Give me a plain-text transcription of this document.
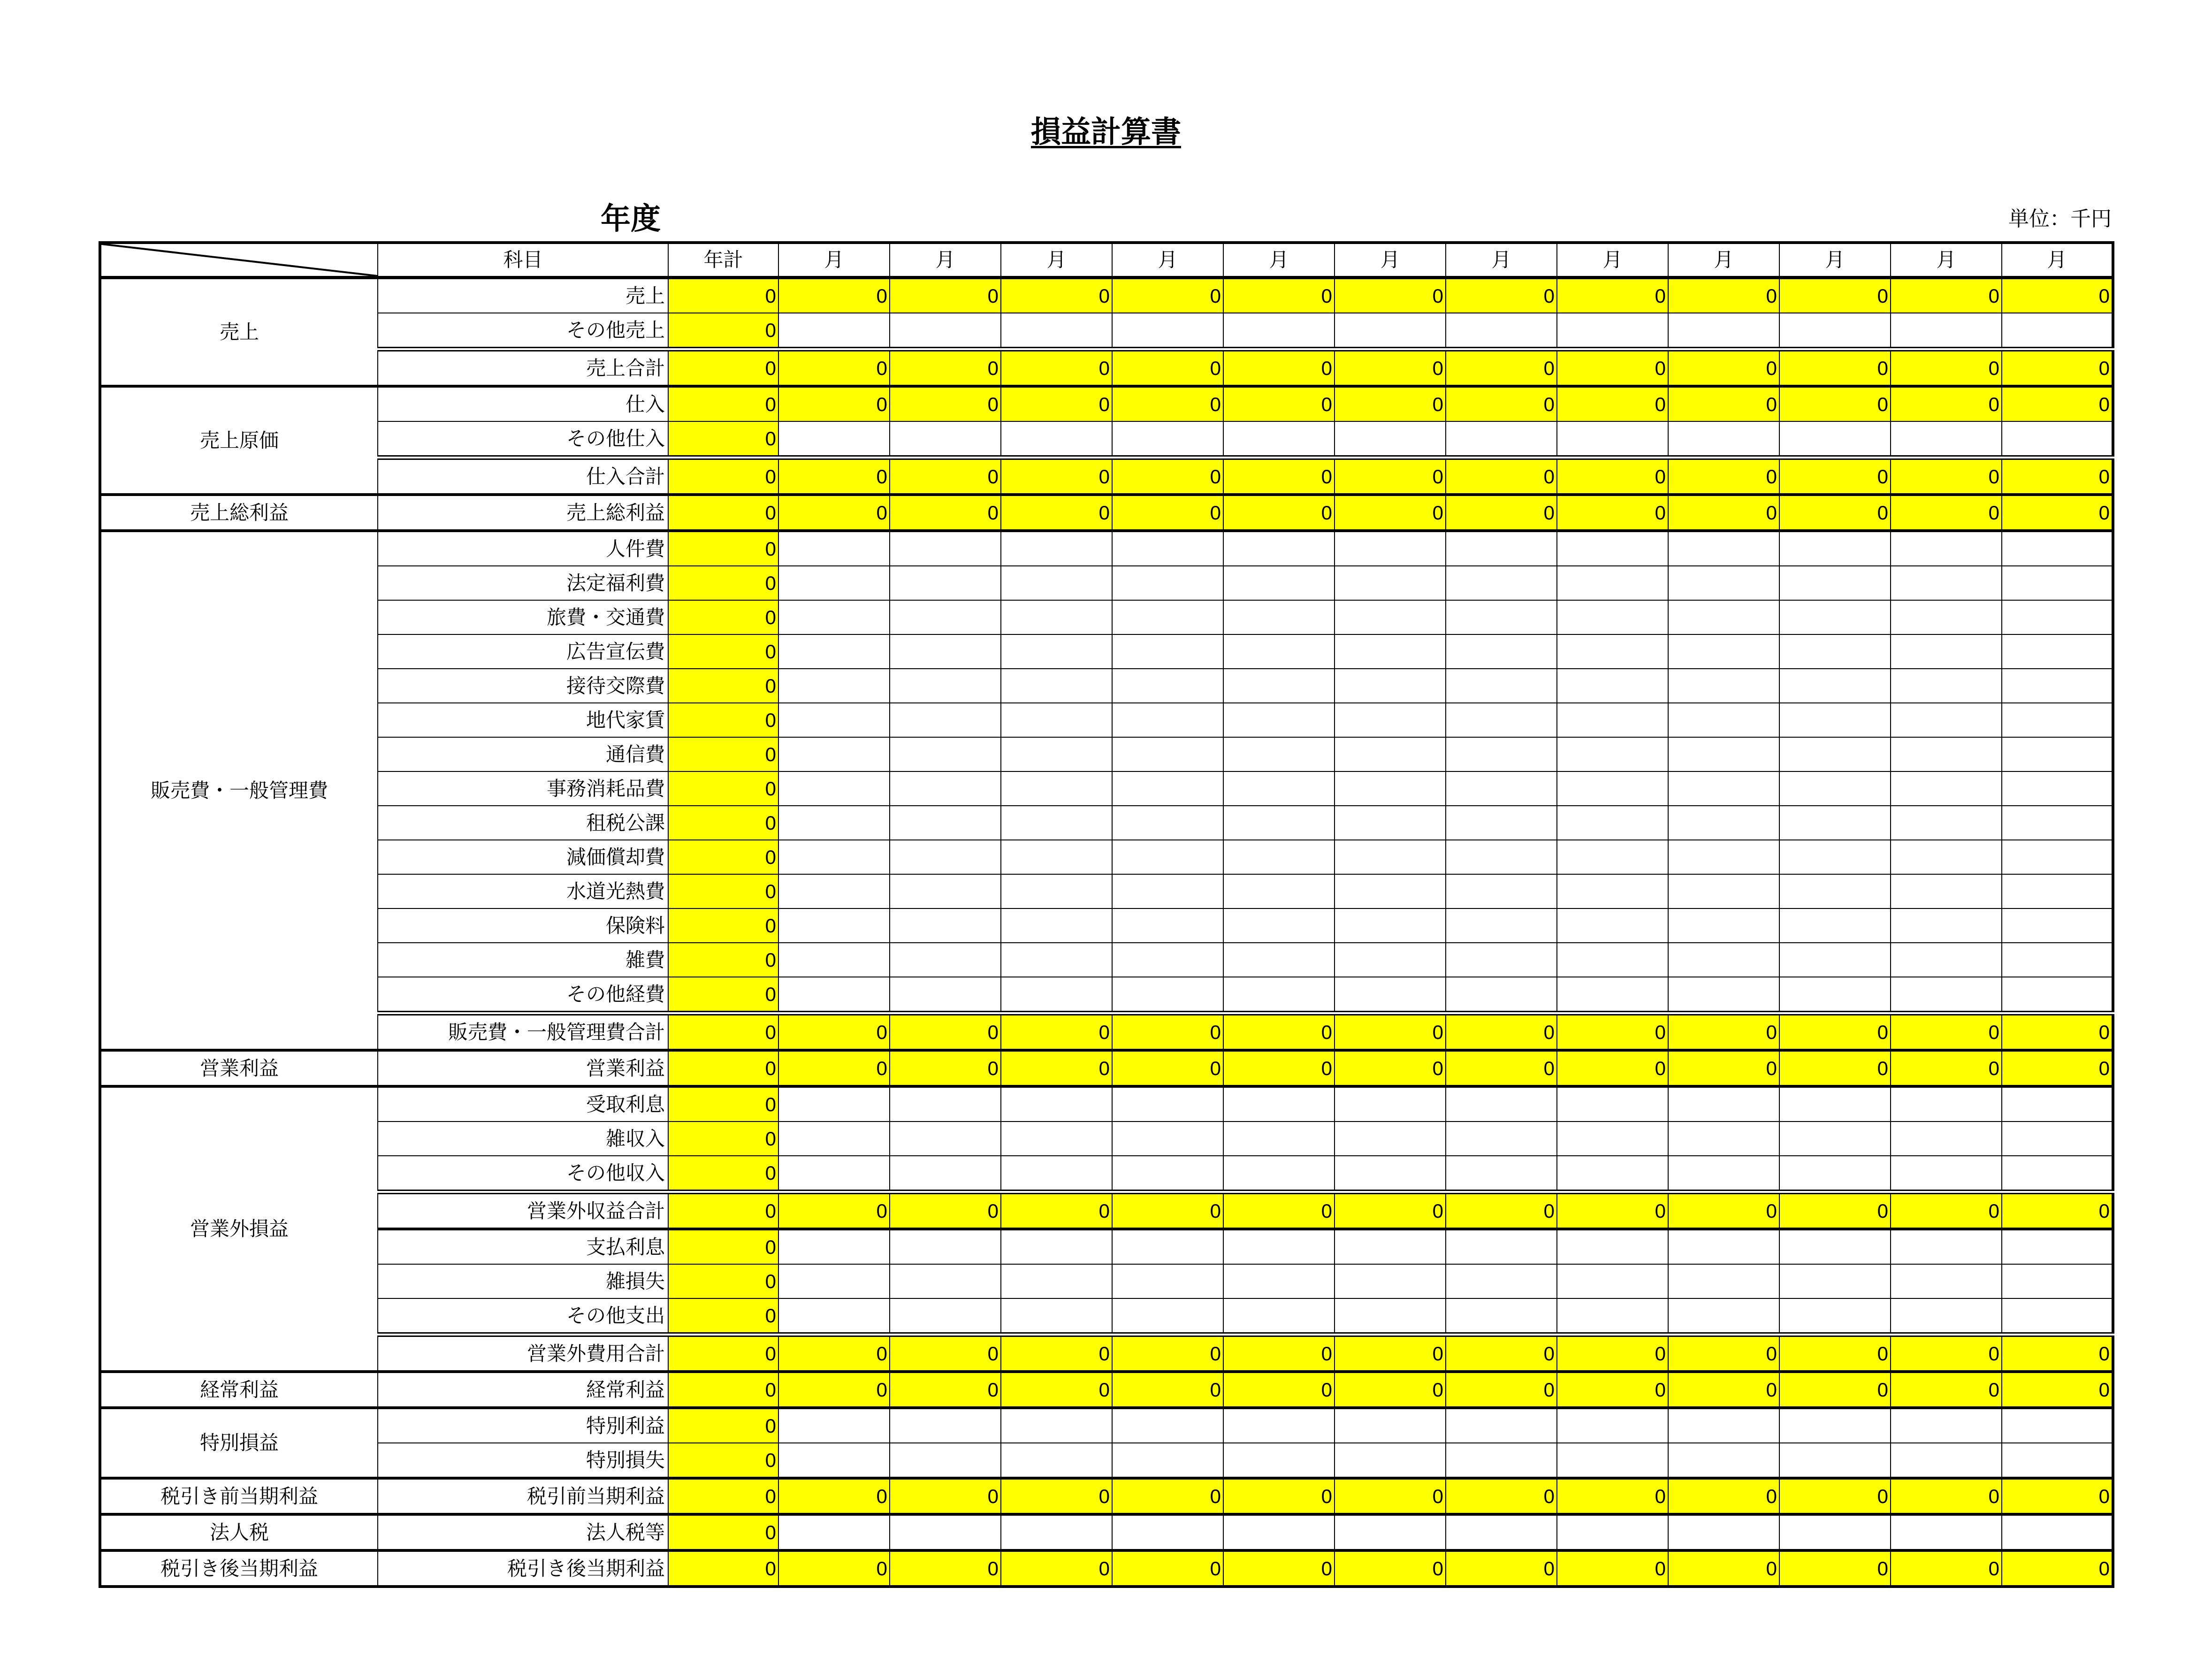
損益計算書
年度	単位：千円
	科目	年計	月	月	月	月	月	月	月	月	月	月	月	月
売上	売上	0	0	0	0	0	0	0	0	0	0	0	0	0
	その他売上	0												
	売上合計	0	0	0	0	0	0	0	0	0	0	0	0	0
売上原価	仕入	0	0	0	0	0	0	0	0	0	0	0	0	0
	その他仕入	0												
	仕入合計	0	0	0	0	0	0	0	0	0	0	0	0	0
売上総利益	売上総利益	0	0	0	0	0	0	0	0	0	0	0	0	0
販売費・一般管理費	人件費	0												
	法定福利費	0												
	旅費・交通費	0												
	広告宣伝費	0												
	接待交際費	0												
	地代家賃	0												
	通信費	0												
	事務消耗品費	0												
	租税公課	0												
	減価償却費	0												
	水道光熱費	0												
	保険料	0												
	雑費	0												
	その他経費	0												
	販売費・一般管理費合計	0	0	0	0	0	0	0	0	0	0	0	0	0
営業利益	営業利益	0	0	0	0	0	0	0	0	0	0	0	0	0
営業外損益	受取利息	0												
	雑収入	0												
	その他収入	0												
	営業外収益合計	0	0	0	0	0	0	0	0	0	0	0	0	0
	支払利息	0												
	雑損失	0												
	その他支出	0												
	営業外費用合計	0	0	0	0	0	0	0	0	0	0	0	0	0
経常利益	経常利益	0	0	0	0	0	0	0	0	0	0	0	0	0
特別損益	特別利益	0												
	特別損失	0												
税引き前当期利益	税引前当期利益	0	0	0	0	0	0	0	0	0	0	0	0	0
法人税	法人税等	0												
税引き後当期利益	税引き後当期利益	0	0	0	0	0	0	0	0	0	0	0	0	0
